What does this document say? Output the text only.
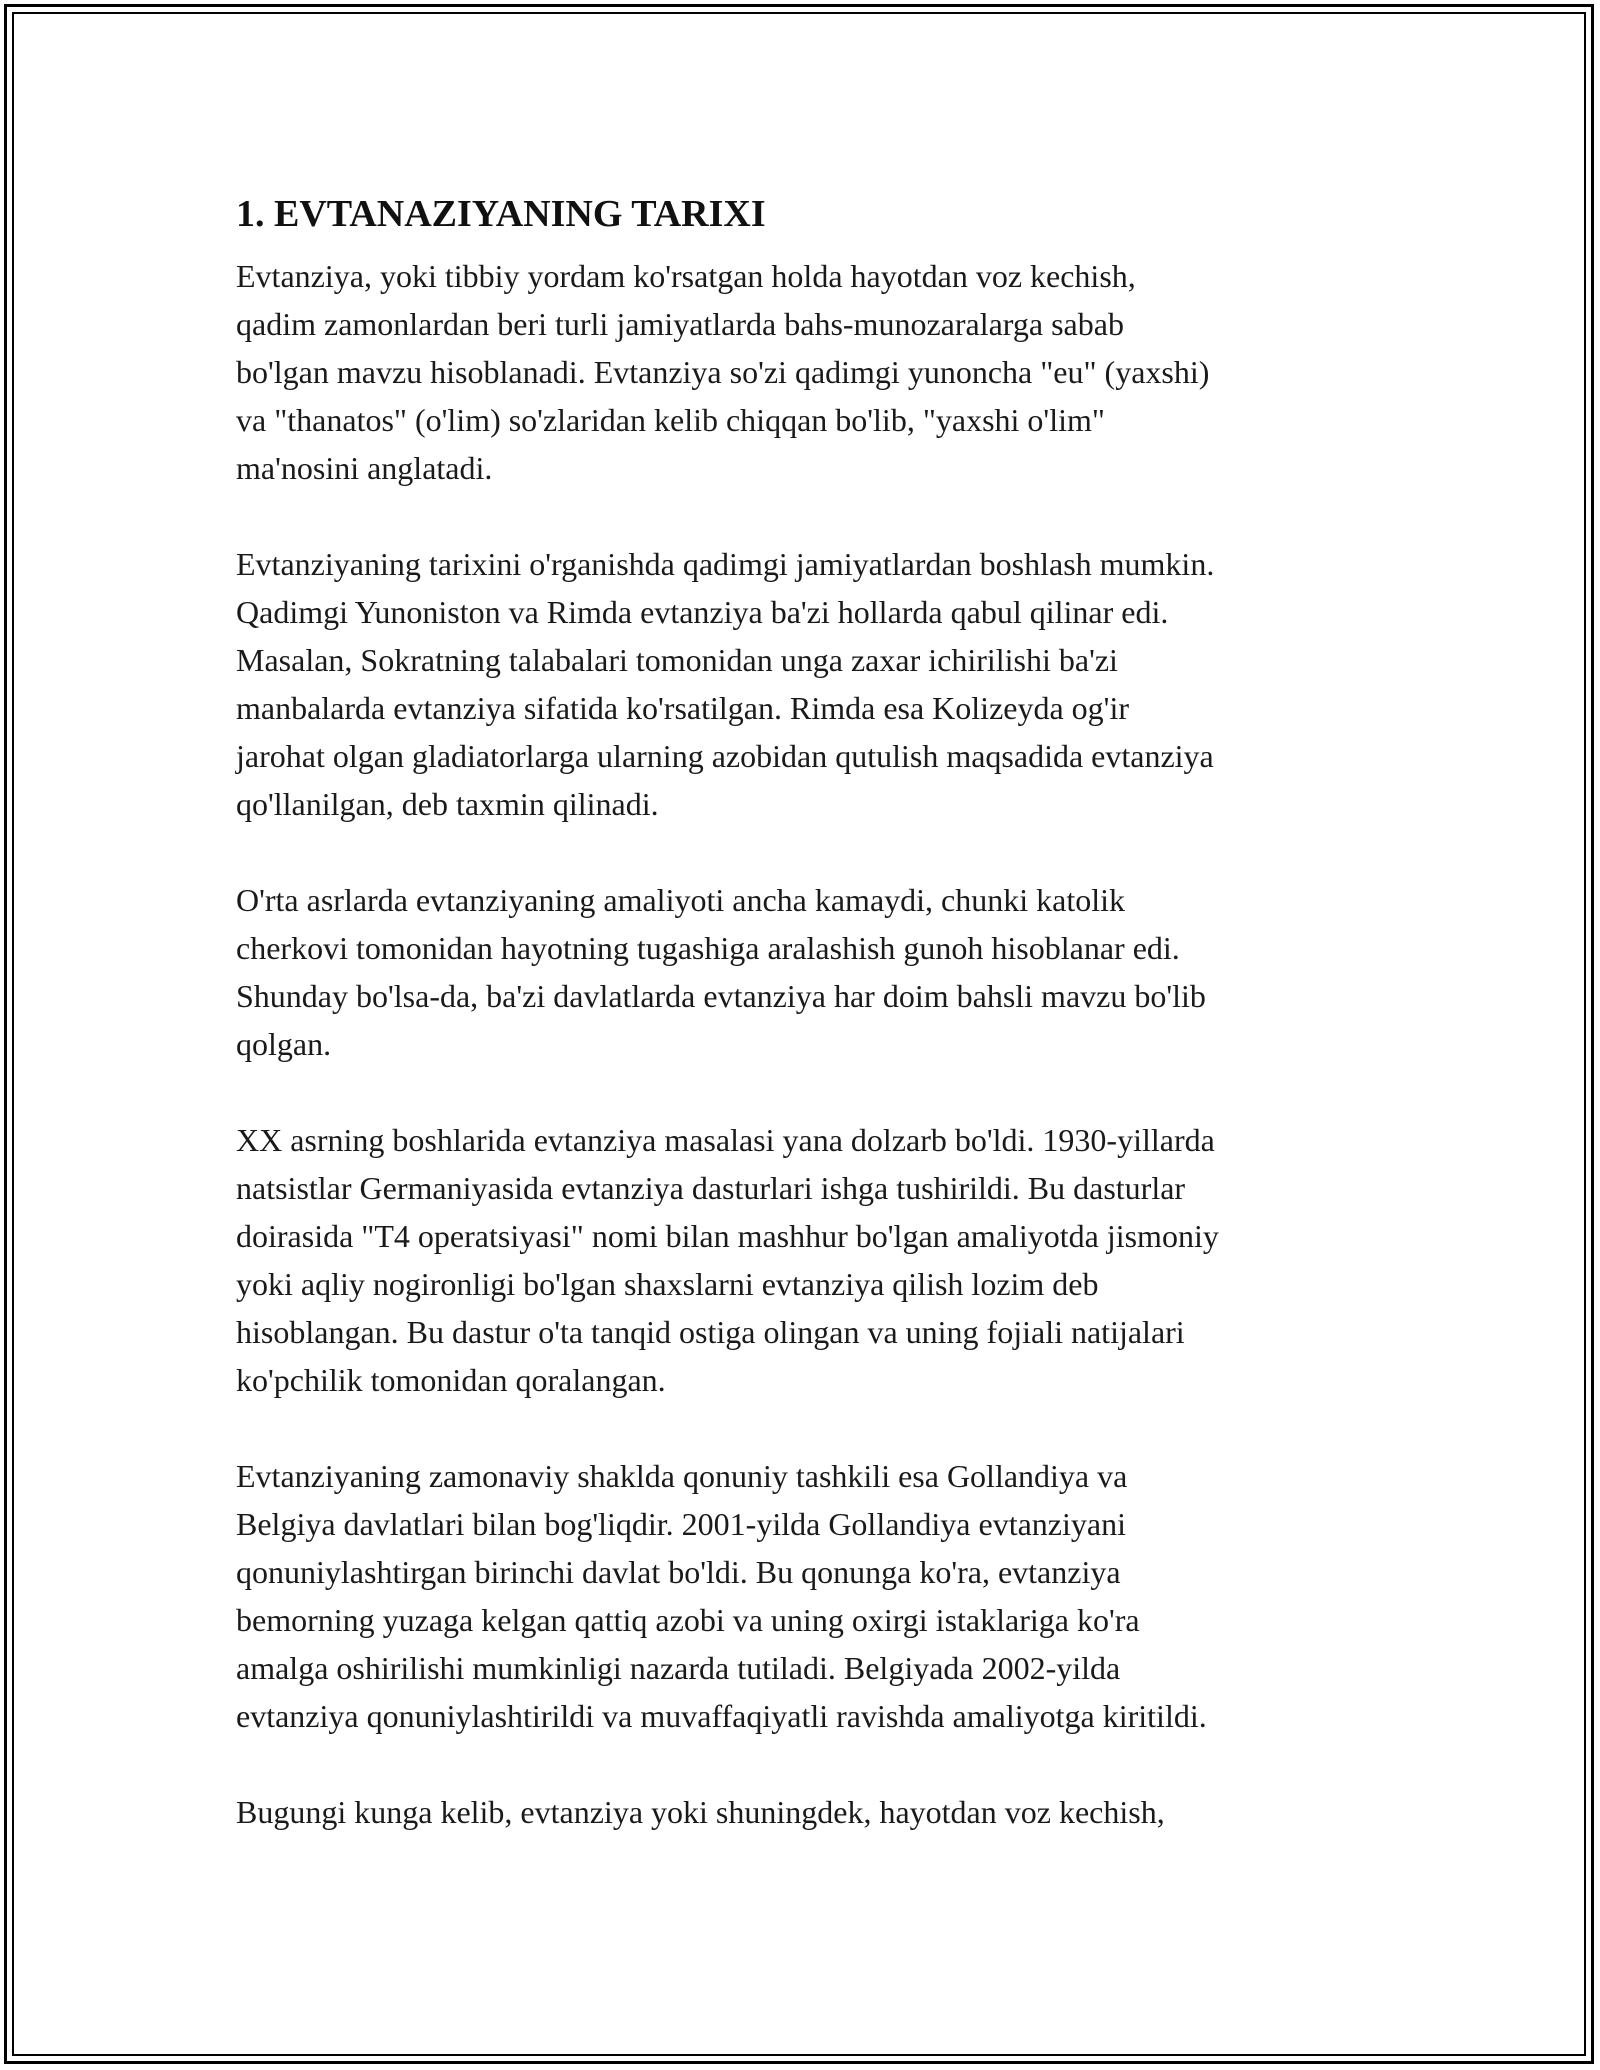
1. EVTANAZIYANING TARIXI
Evtanziya, yoki tibbiy yordam ko'rsatgan holda hayotdan voz kechish,
qadim zamonlardan beri turli jamiyatlarda bahs-munozaralarga sabab
bo'lgan mavzu hisoblanadi. Evtanziya so'zi qadimgi yunoncha "eu" (yaxshi)
va "thanatos" (o'lim) so'zlaridan kelib chiqqan bo'lib, "yaxshi o'lim"
ma'nosini anglatadi.
Evtanziyaning tarixini o'rganishda qadimgi jamiyatlardan boshlash mumkin.
Qadimgi Yunoniston va Rimda evtanziya ba'zi hollarda qabul qilinar edi.
Masalan, Sokratning talabalari tomonidan unga zaxar ichirilishi ba'zi
manbalarda evtanziya sifatida ko'rsatilgan. Rimda esa Kolizeyda og'ir
jarohat olgan gladiatorlarga ularning azobidan qutulish maqsadida evtanziya
qo'llanilgan, deb taxmin qilinadi.
O'rta asrlarda evtanziyaning amaliyoti ancha kamaydi, chunki katolik
cherkovi tomonidan hayotning tugashiga aralashish gunoh hisoblanar edi.
Shunday bo'lsa-da, ba'zi davlatlarda evtanziya har doim bahsli mavzu bo'lib
qolgan.
XX asrning boshlarida evtanziya masalasi yana dolzarb bo'ldi. 1930-yillarda
natsistlar Germaniyasida evtanziya dasturlari ishga tushirildi. Bu dasturlar
doirasida "T4 operatsiyasi" nomi bilan mashhur bo'lgan amaliyotda jismoniy
yoki aqliy nogironligi bo'lgan shaxslarni evtanziya qilish lozim deb
hisoblangan. Bu dastur o'ta tanqid ostiga olingan va uning fojiali natijalari
ko'pchilik tomonidan qoralangan.
Evtanziyaning zamonaviy shaklda qonuniy tashkili esa Gollandiya va
Belgiya davlatlari bilan bog'liqdir. 2001-yilda Gollandiya evtanziyani
qonuniylashtirgan birinchi davlat bo'ldi. Bu qonunga ko'ra, evtanziya
bemorning yuzaga kelgan qattiq azobi va uning oxirgi istaklariga ko'ra
amalga oshirilishi mumkinligi nazarda tutiladi. Belgiyada 2002-yilda
evtanziya qonuniylashtirildi va muvaffaqiyatli ravishda amaliyotga kiritildi.
Bugungi kunga kelib, evtanziya yoki shuningdek, hayotdan voz kechish,
